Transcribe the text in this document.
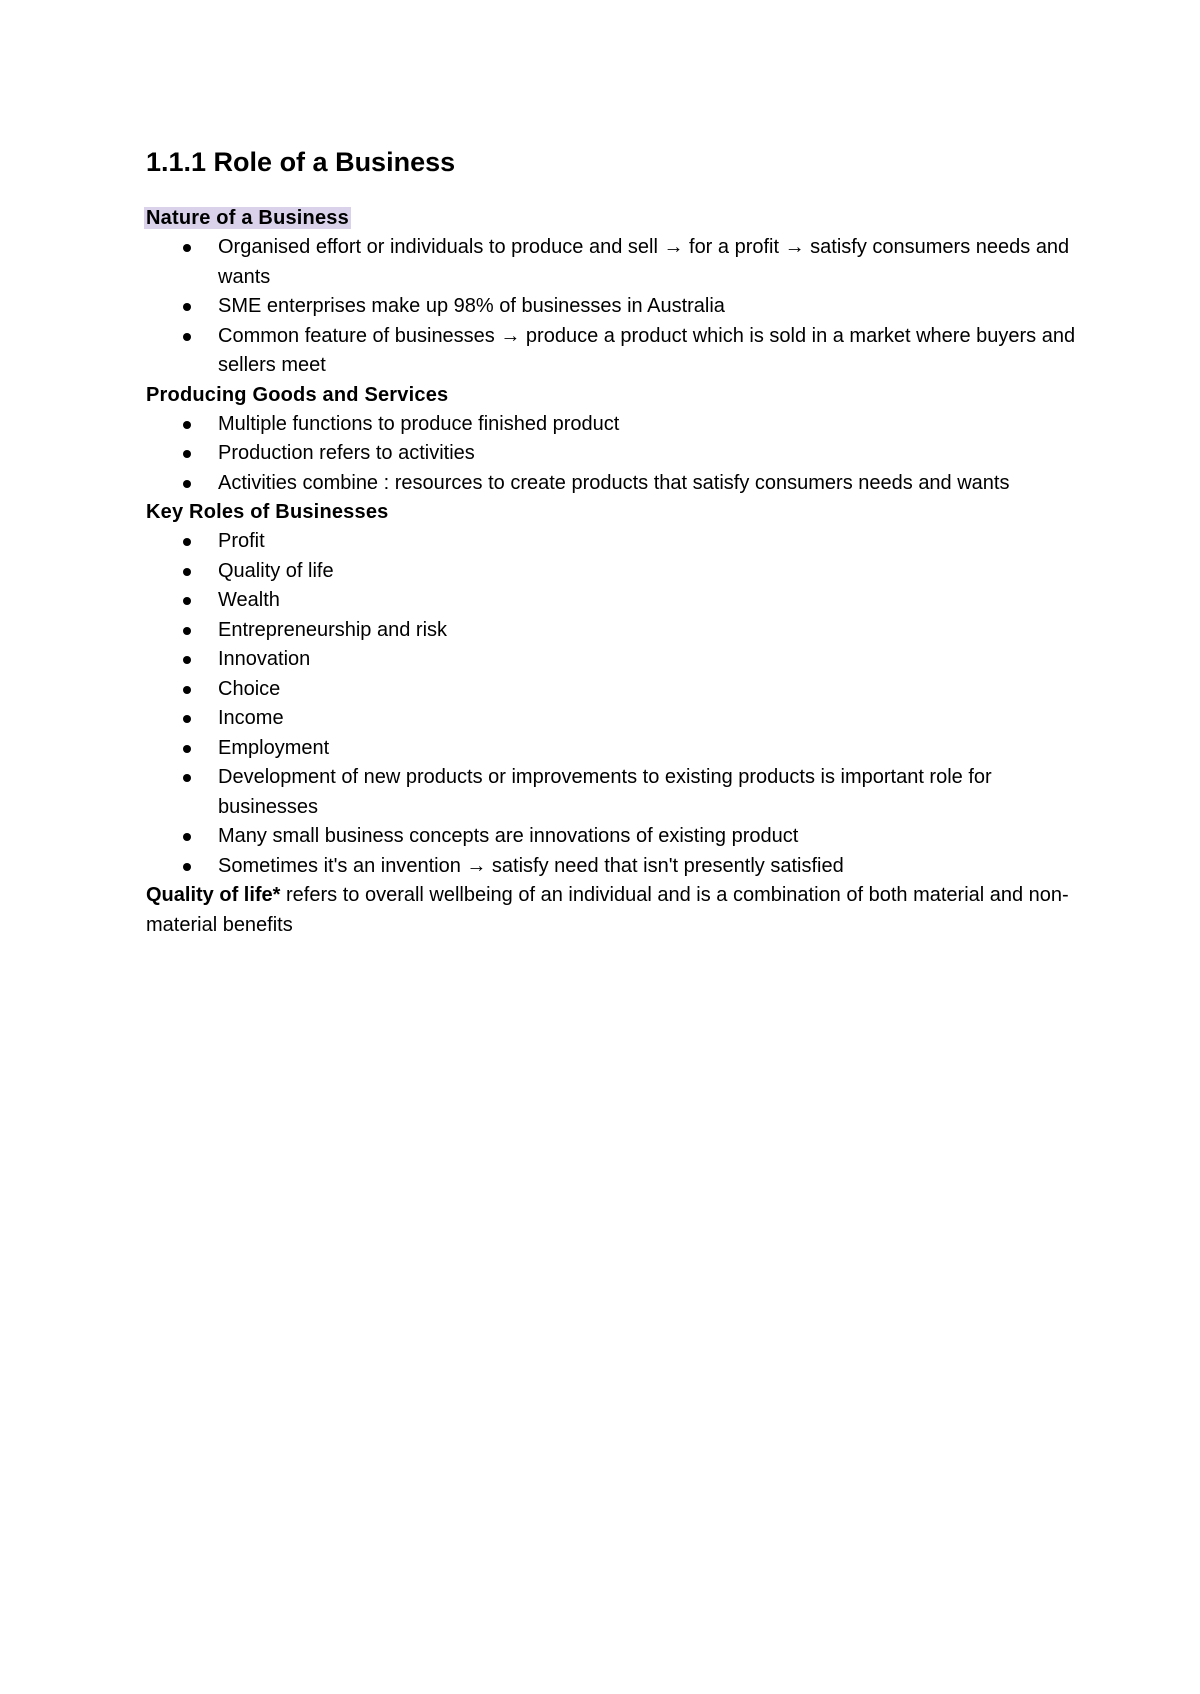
1.1.1 Role of a Business

Nature of a Business

Organised effort or individuals to produce and sell → for a profit → satisfy consumers needs and wants
SME enterprises make up 98% of businesses in Australia
Common feature of businesses → produce a product which is sold in a market where buyers and sellers meet

Producing Goods and Services

Multiple functions to produce finished product
Production refers to activities
Activities combine : resources to create products that satisfy consumers needs and wants

Key Roles of Businesses

Profit
Quality of life
Wealth
Entrepreneurship and risk
Innovation
Choice
Income
Employment
Development of new products or improvements to existing products is important role for businesses
Many small business concepts are innovations of existing product
Sometimes it's an invention → satisfy need that isn't presently satisfied

Quality of life* refers to overall wellbeing of an individual and is a combination of both material and non-material benefits
